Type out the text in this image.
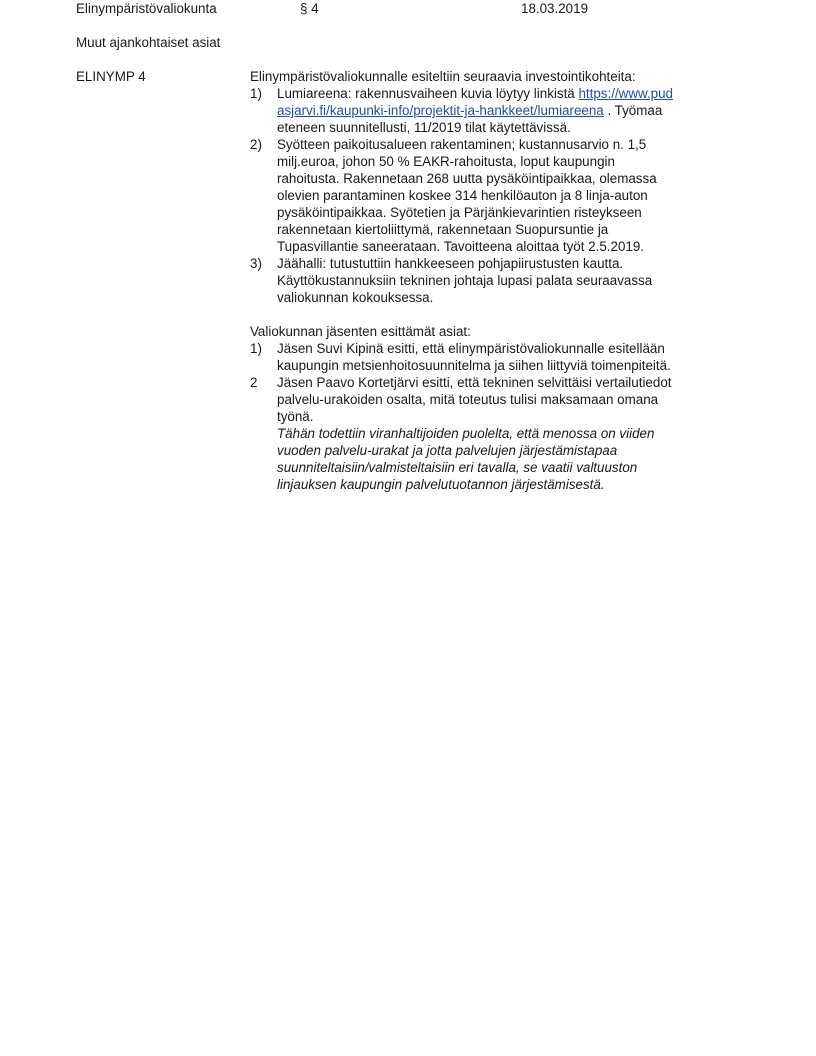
Elinympäristövaliokunta	§ 4	18.03.2019
Muut ajankohtaiset asiat
ELINYMP 4	Elinympäristövaliokunnalle esiteltiin seuraavia investointikohteita:
1)	Lumiareena: rakennusvaiheen kuvia löytyy linkistä https://www.pudasjarvi.fi/kaupunki-info/projektit-ja-hankkeet/lumiareena . Työmaa eteneen suunnitellusti, 11/2019 tilat käytettävissä.
2)	Syötteen paikoitusalueen rakentaminen; kustannusarvio n. 1,5 milj.euroa, johon 50 % EAKR-rahoitusta, loput kaupungin rahoitusta. Rakennetaan 268 uutta pysäköintipaikkaa, olemassa olevien parantaminen koskee 314 henkilöauton ja 8 linja-auton pysäköintipaikkaa. Syötetien ja Pärjänkievarintien risteykseen rakennetaan kiertoliittymä, rakennetaan Suopursuntie ja Tupasvillantie saneerataan. Tavoitteena aloittaa työt 2.5.2019.
3)	Jäähalli: tutustuttiin hankkeeseen pohjapiirustusten kautta. Käyttökustannuksiin tekninen johtaja lupasi palata seuraavassa valiokunnan kokouksessa.
Valiokunnan jäsenten esittämät asiat:
1)	Jäsen Suvi Kipinä esitti, että elinympäristövaliokunnalle esitellään kaupungin metsienhoitosuunnitelma ja siihen liittyviä toimenpiteitä.
2	Jäsen Paavo Kortetjärvi esitti, että tekninen selvittäisi vertailutiedot palvelu-urakoiden osalta, mitä toteutus tulisi maksamaan omana työnä.
Tähän todettiin viranhaltijoiden puolelta, että menossa on viiden vuoden palvelu-urakat ja jotta palvelujen järjestämistapaa suunniteltaisiin/valmisteltaisiin eri tavalla, se vaatii valtuuston linjauksen kaupungin palvelutuotannon järjestämisestä.
